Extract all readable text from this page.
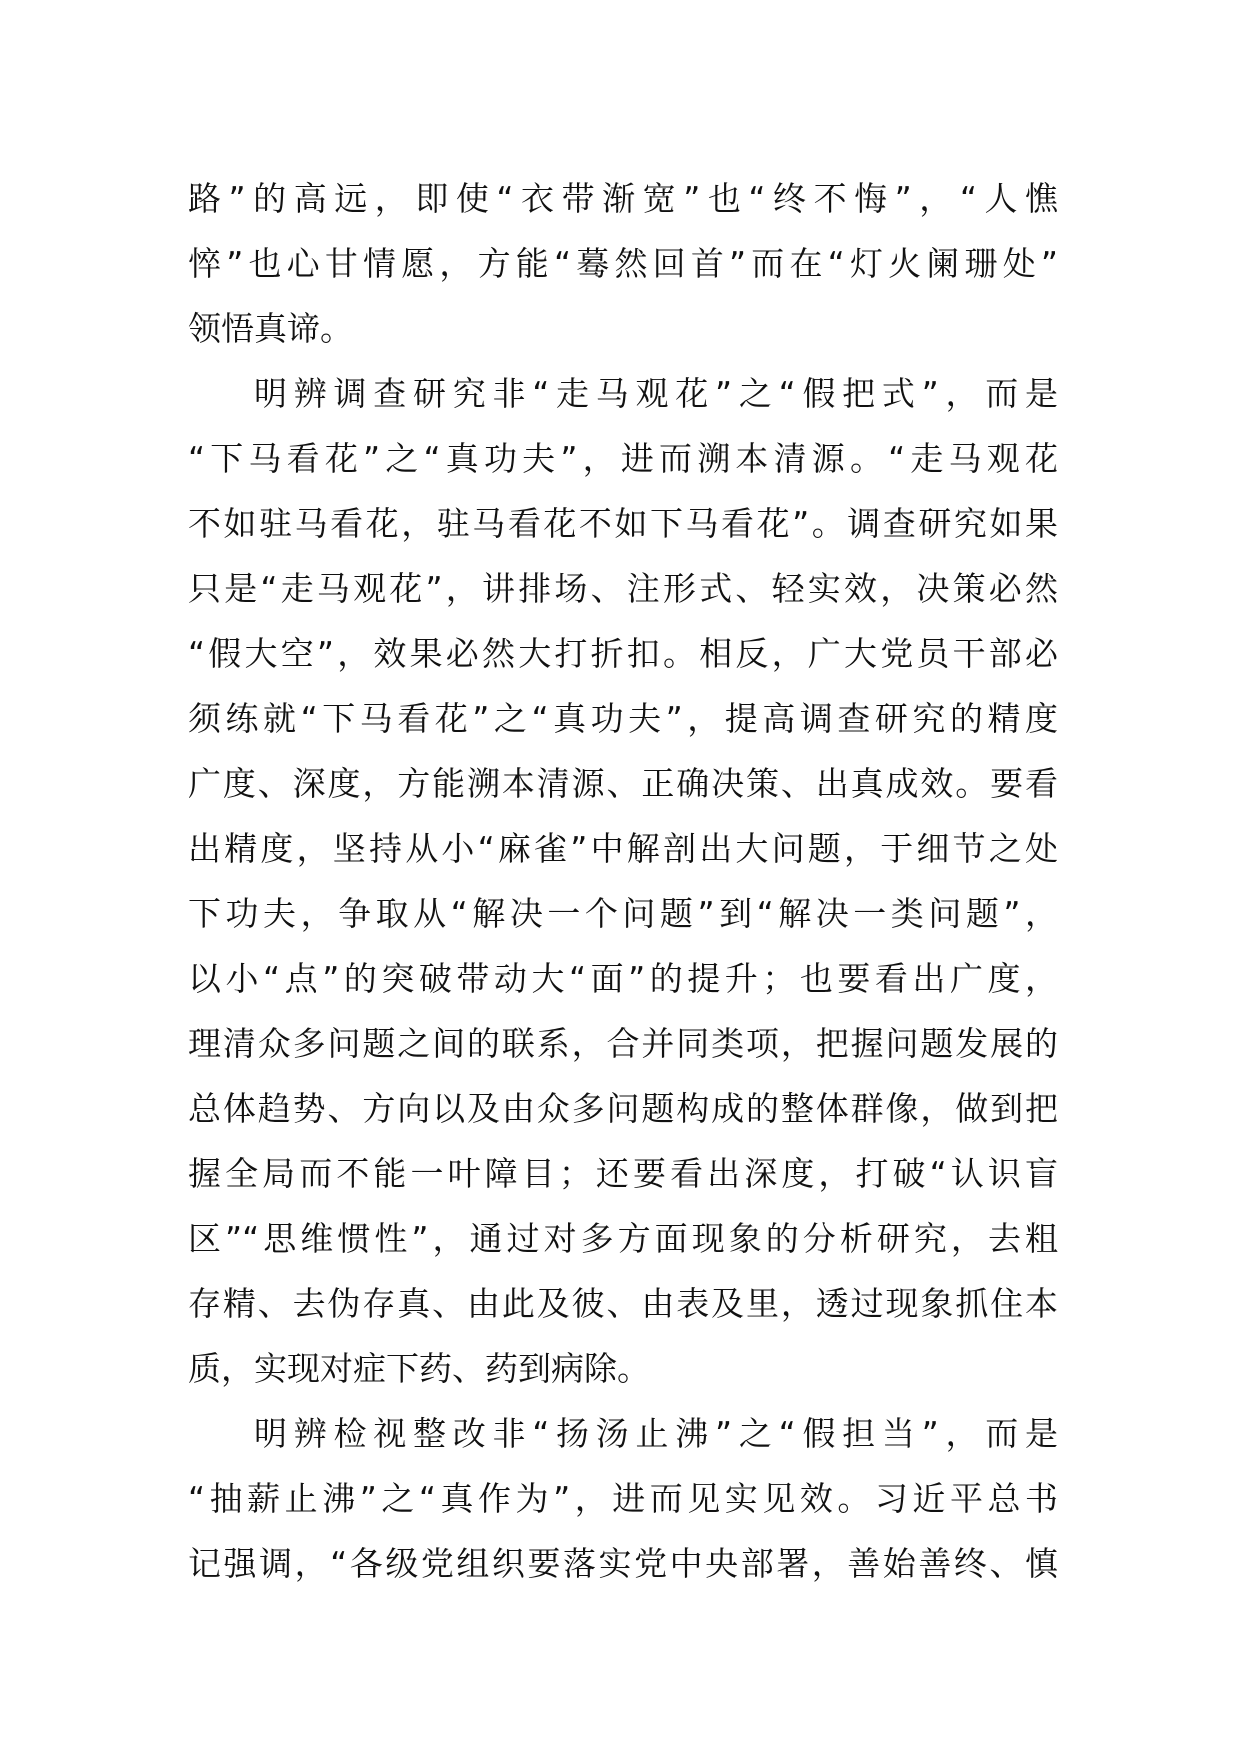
路”的高远，即使“衣带渐宽”也“终不悔”，“人憔
悴”也心甘情愿，方能“蓦然回首”而在“灯火阑珊处”
领悟真谛。
明辨调查研究非“走马观花”之“假把式”，而是
“下马看花”之“真功夫”，进而溯本清源。“走马观花
不如驻马看花，驻马看花不如下马看花”。调查研究如果
只是“走马观花”，讲排场、注形式、轻实效，决策必然
“假大空”，效果必然大打折扣。相反，广大党员干部必
须练就“下马看花”之“真功夫”，提高调查研究的精度
广度、深度，方能溯本清源、正确决策、出真成效。要看
出精度，坚持从小“麻雀”中解剖出大问题，于细节之处
下功夫，争取从“解决一个问题”到“解决一类问题”，
以小“点”的突破带动大“面”的提升；也要看出广度，
理清众多问题之间的联系，合并同类项，把握问题发展的
总体趋势、方向以及由众多问题构成的整体群像，做到把
握全局而不能一叶障目；还要看出深度，打破“认识盲
区”“思维惯性”，通过对多方面现象的分析研究，去粗
存精、去伪存真、由此及彼、由表及里，透过现象抓住本
质，实现对症下药、药到病除。
明辨检视整改非“扬汤止沸”之“假担当”，而是
“抽薪止沸”之“真作为”，进而见实见效。习近平总书
记强调，“各级党组织要落实党中央部署，善始善终、慎
